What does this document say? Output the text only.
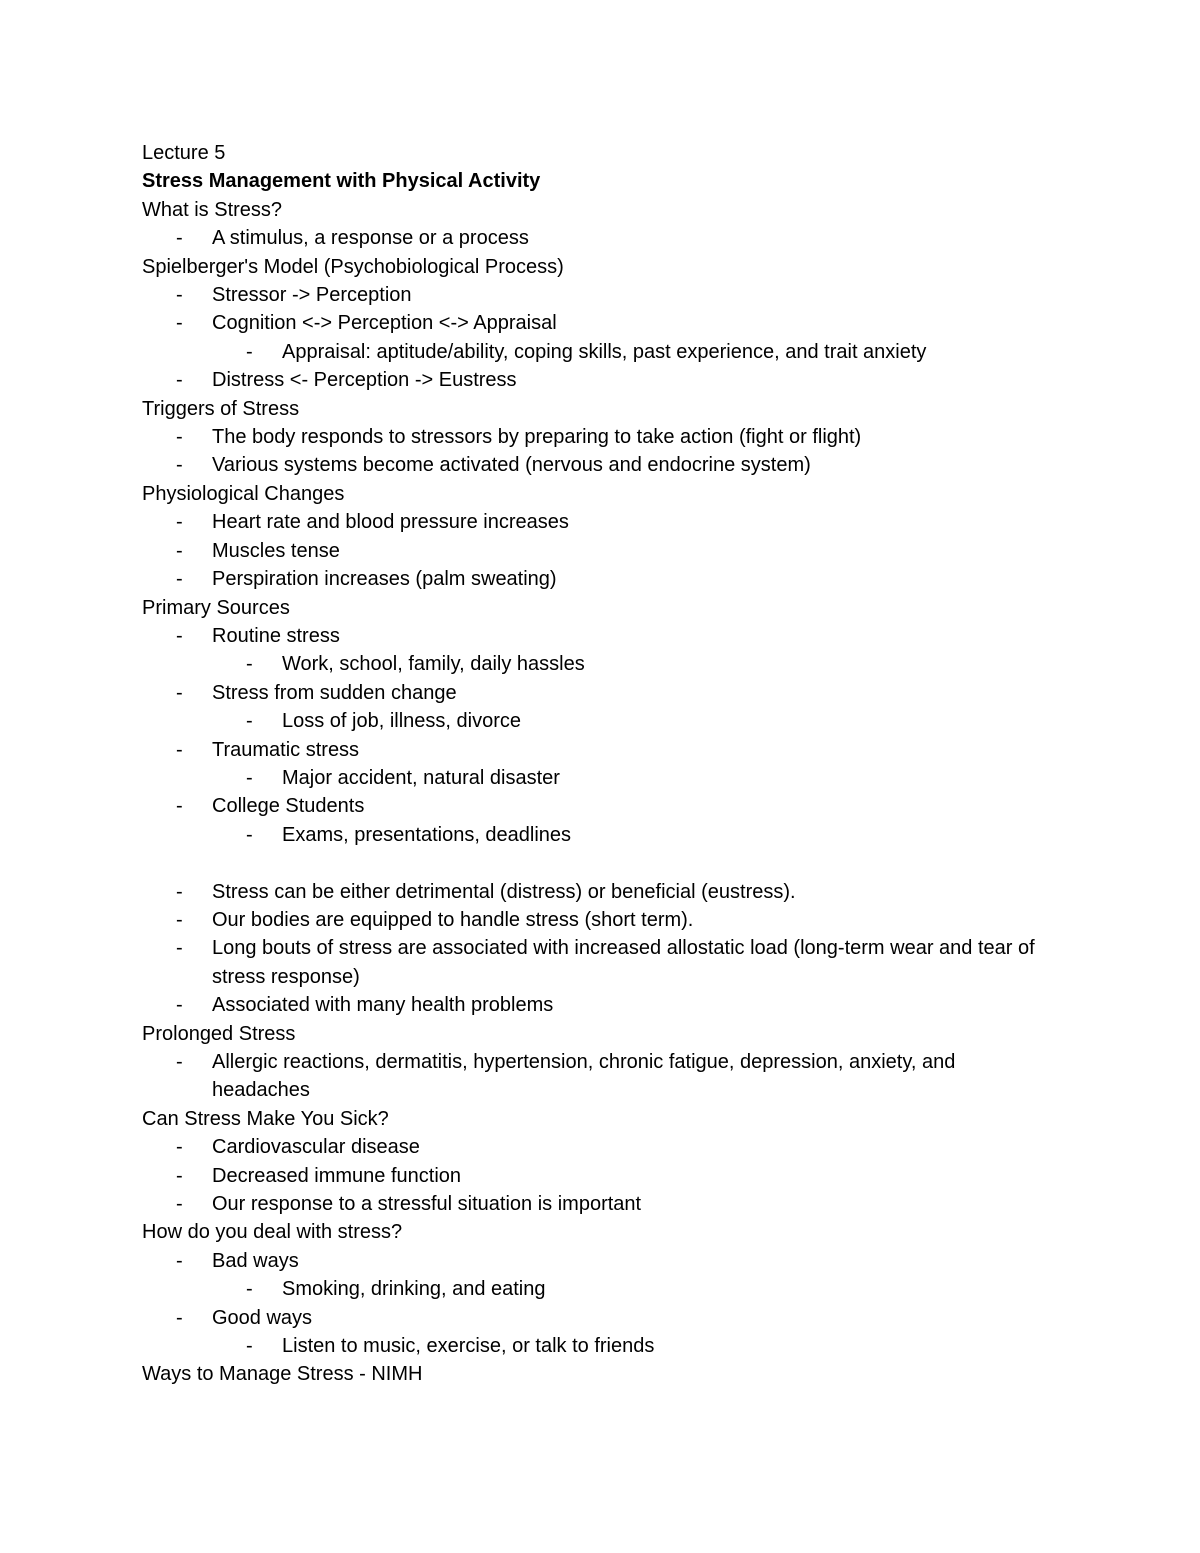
Lecture 5
Stress Management with Physical Activity
What is Stress?
-	A stimulus, a response or a process
Spielberger's Model (Psychobiological Process)
-	Stressor -> Perception
-	Cognition <-> Perception <-> Appraisal
-	Appraisal: aptitude/ability, coping skills, past experience, and trait anxiety
-	Distress <- Perception -> Eustress
Triggers of Stress
-	The body responds to stressors by preparing to take action (fight or flight)
-	Various systems become activated (nervous and endocrine system)
Physiological Changes
-	Heart rate and blood pressure increases
-	Muscles tense
-	Perspiration increases (palm sweating)
Primary Sources
-	Routine stress
-	Work, school, family, daily hassles
-	Stress from sudden change
-	Loss of job, illness, divorce
-	Traumatic stress
-	Major accident, natural disaster
-	College Students
-	Exams, presentations, deadlines
-	Stress can be either detrimental (distress) or beneficial (eustress).
-	Our bodies are equipped to handle stress (short term).
-	Long bouts of stress are associated with increased allostatic load (long-term wear and tear of stress response)
-	Associated with many health problems
Prolonged Stress
-	Allergic reactions, dermatitis, hypertension, chronic fatigue, depression, anxiety, and headaches
Can Stress Make You Sick?
-	Cardiovascular disease
-	Decreased immune function
-	Our response to a stressful situation is important
How do you deal with stress?
-	Bad ways
-	Smoking, drinking, and eating
-	Good ways
-	Listen to music, exercise, or talk to friends
Ways to Manage Stress - NIMH
